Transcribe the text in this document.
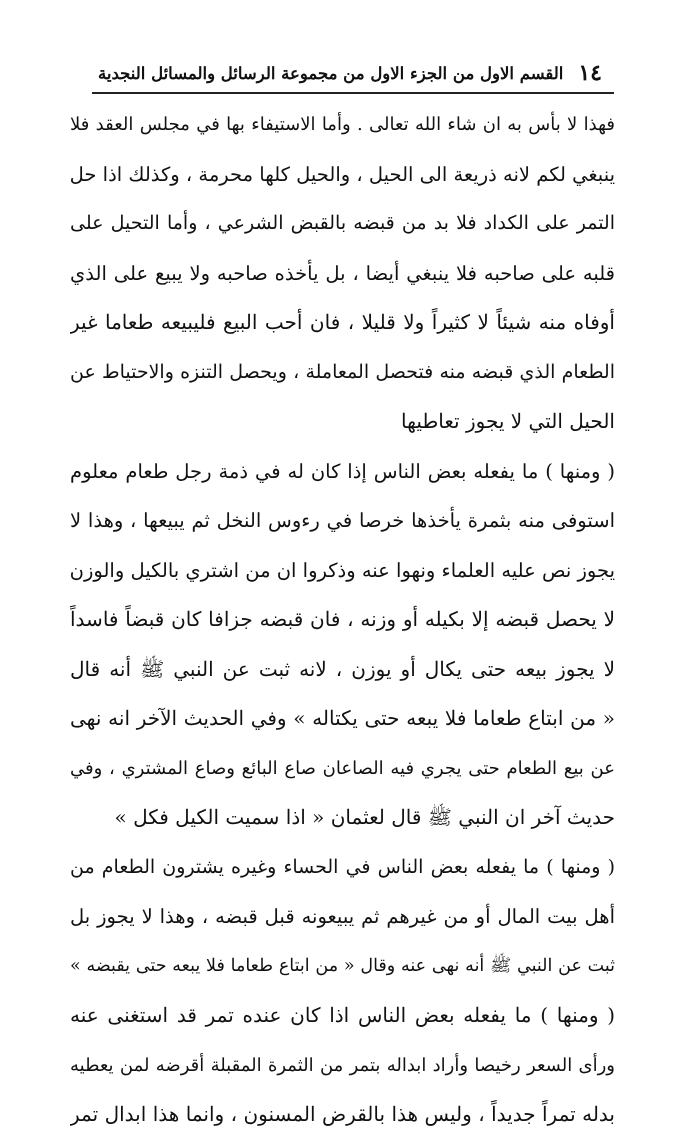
١٤
القسم الاول من الجزء الاول من مجموعة الرسائل والمسائل النجدية
فهذا لا بأس به ان شاء الله تعالى . وأما الاستيفاء بها في مجلس العقد فلا
ينبغي لكم لانه ذريعة الى الحيل ، والحيل كلها محرمة ، وكذلك اذا حل
التمر على الكداد فلا بد من قبضه بالقبض الشرعي ، وأما التحيل على
قلبه على صاحبه فلا ينبغي أيضا ، بل يأخذه صاحبه ولا يبيع على الذي
أوفاه منه شيئاً لا كثيراً ولا قليلا ، فان أحب البيع فليبيعه طعاما غير
الطعام الذي قبضه منه فتحصل المعاملة ، ويحصل التنزه والاحتياط عن
الحيل التي لا يجوز تعاطيها
( ومنها ) ما يفعله بعض الناس إذا كان له في ذمة رجل طعام معلوم
استوفى منه بثمرة يأخذها خرصا في رءوس النخل ثم يبيعها ، وهذا لا
يجوز نص عليه العلماء ونهوا عنه وذكروا ان من اشتري بالكيل والوزن
لا يحصل قبضه إلا بكيله أو وزنه ، فان قبضه جزافا كان قبضاً فاسداً
لا يجوز بيعه حتى يكال أو يوزن ، لانه ثبت عن النبي ﷺ أنه قال
« من ابتاع طعاما فلا يبعه حتى يكتاله » وفي الحديث الآخر انه نهى
عن بيع الطعام حتى يجري فيه الصاعان صاع البائع وصاع المشتري ، وفي
حديث آخر ان النبي ﷺ قال لعثمان « اذا سميت الكيل فكل »
( ومنها ) ما يفعله بعض الناس في الحساء وغيره يشترون الطعام من
أهل بيت المال أو من غيرهم ثم يبيعونه قبل قبضه ، وهذا لا يجوز بل
ثبت عن النبي ﷺ أنه نهى عنه وقال « من ابتاع طعاما فلا يبعه حتى يقبضه »
( ومنها ) ما يفعله بعض الناس اذا كان عنده تمر قد استغنى عنه
ورأى السعر رخيصا وأراد ابداله بتمر من الثمرة المقبلة أقرضه لمن يعطيه
بدله تمراً جديداً ، وليس هذا بالقرض المسنون ، وانما هذا ابدال تمر
